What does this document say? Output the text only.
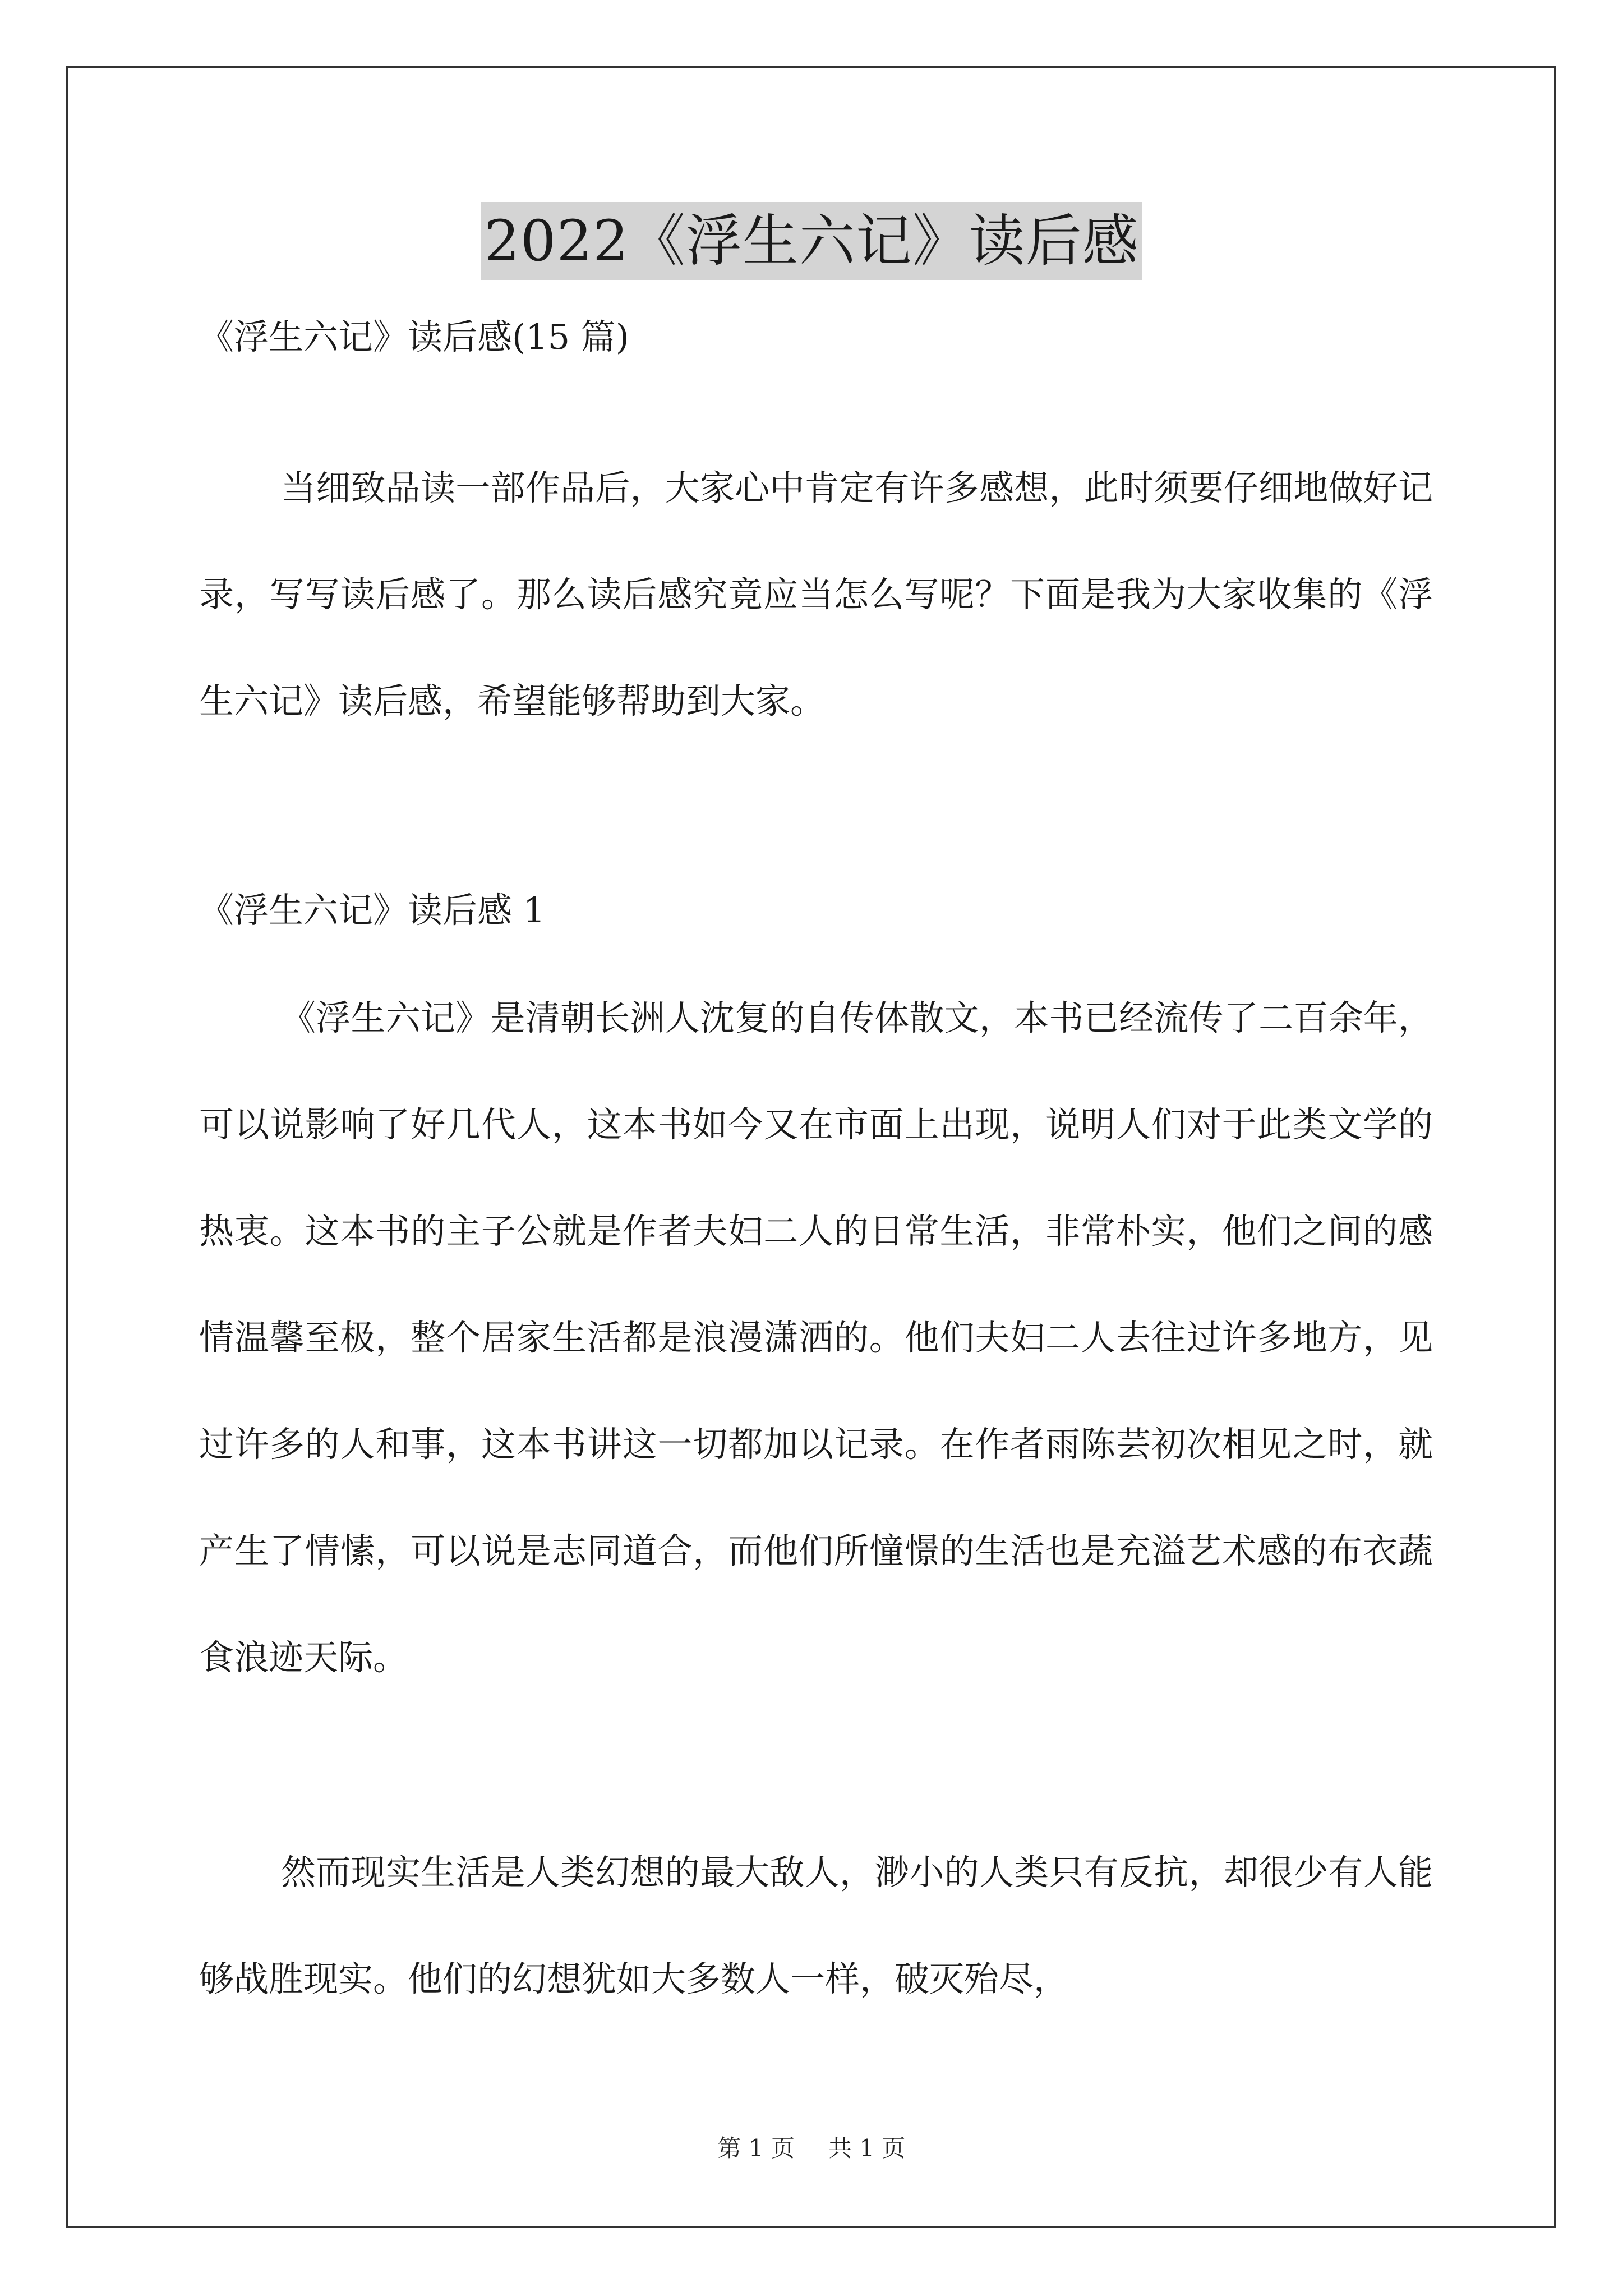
2022《浮生六记》读后感

《浮生六记》读后感(15 篇)

当细致品读一部作品后，大家心中肯定有许多感想，此时须要仔细地做好记录，写写读后感了。那么读后感究竟应当怎么写呢？下面是我为大家收集的《浮生六记》读后感，希望能够帮助到大家。

《浮生六记》读后感 1

《浮生六记》是清朝长洲人沈复的自传体散文，本书已经流传了二百余年，可以说影响了好几代人，这本书如今又在市面上出现，说明人们对于此类文学的热衷。这本书的主子公就是作者夫妇二人的日常生活，非常朴实，他们之间的感情温馨至极，整个居家生活都是浪漫潇洒的。他们夫妇二人去往过许多地方，见过许多的人和事，这本书讲这一切都加以记录。在作者雨陈芸初次相见之时，就产生了情愫，可以说是志同道合，而他们所憧憬的生活也是充溢艺术感的布衣蔬食浪迹天际。

然而现实生活是人类幻想的最大敌人，渺小的人类只有反抗，却很少有人能够战胜现实。他们的幻想犹如大多数人一样，破灭殆尽，

第 1 页 共 1 页
